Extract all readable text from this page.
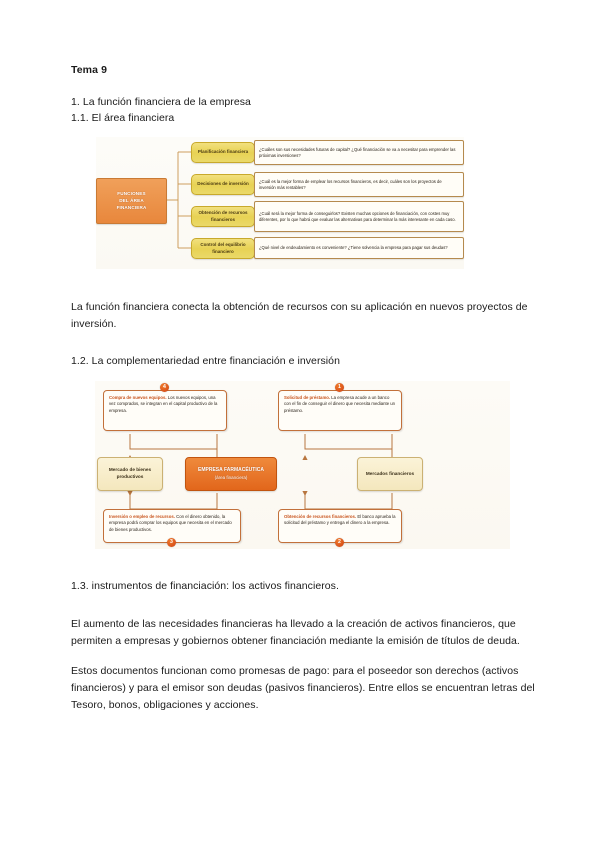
Tema 9

1. La función financiera de la empresa

1.1. El área financiera

FUNCIONES
DEL ÁREA
FINANCIERA
Planificación financiera
Decisiones de inversión
Obtención de recursos financieros
Control del equilibrio financiero
¿Cuáles son sus necesidades futuras de capital? ¿Qué financiación se va a necesitar para emprender las próximas inversiones?
¿Cuál es la mejor forma de emplear los recursos financieros, es decir, cuáles son los proyectos de inversión más rentables?
¿Cuál será la mejor forma de conseguirlos? Existen muchas opciones de financiación, con costes muy diferentes, por lo que habrá que evaluar las alternativas para determinar la más interesante en cada caso.
¿Qué nivel de endeudamiento es conveniente? ¿Tiene solvencia la empresa para pagar sus deudas?

La función financiera conecta la obtención de recursos con su aplicación en nuevos proyectos de inversión.

1.2. La complementariedad entre financiación e inversión

Compra de nuevos equipos. Los nuevos equipos, una vez comprados, se integran en el capital productivo de la empresa.
4
Solicitud de préstamo. La empresa acude a un banco con el fin de conseguir el dinero que necesita mediante un préstamo.
1
Mercado de bienes productivos
EMPRESA FARMACÉUTICA
(área financiera)
Mercados financieros
Inversión o empleo de recursos. Con el dinero obtenido, la empresa podrá comprar los equipos que necesita en el mercado de bienes productivos.
3
Obtención de recursos financieros. El banco aprueba la solicitud del préstamo y entrega el dinero a la empresa.
2

1.3. instrumentos de financiación: los activos financieros.

El aumento de las necesidades financieras ha llevado a la creación de activos financieros, que permiten a empresas y gobiernos obtener financiación mediante la emisión de títulos de deuda.

Estos documentos funcionan como promesas de pago: para el poseedor son derechos (activos financieros) y para el emisor son deudas (pasivos financieros). Entre ellos se encuentran letras del Tesoro, bonos, obligaciones y acciones.
